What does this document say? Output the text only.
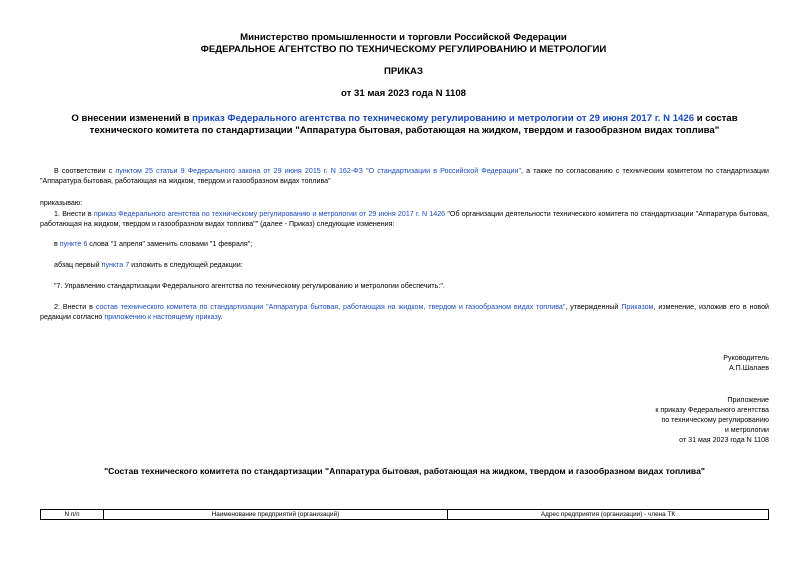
Министерство промышленности и торговли Российской Федерации
ФЕДЕРАЛЬНОЕ АГЕНТСТВО ПО ТЕХНИЧЕСКОМУ РЕГУЛИРОВАНИЮ И МЕТРОЛОГИИ
ПРИКАЗ
от 31 мая 2023 года N 1108
О внесении изменений в приказ Федерального агентства по техническому регулированию и метрологии от 29 июня 2017 г. N 1426 и состав технического комитета по стандартизации "Аппаратура бытовая, работающая на жидком, твердом и газообразном видах топлива"
В соответствии с пунктом 25 статьи 9 Федерального закона от 29 июня 2015 г. N 162-ФЗ "О стандартизации в Российской Федерации", а также по согласованию с техническим комитетом по стандартизации "Аппаратура бытовая, работающая на жидком, твердом и газообразном видах топлива"
приказываю:
1. Внести в приказ Федерального агентства по техническому регулированию и метрологии от 29 июня 2017 г. N 1426 "Об организации деятельности технического комитета по стандартизации "Аппаратура бытовая, работающая на жидком, твердом и газообразном видах топлива"" (далее - Приказ) следующие изменения:
в пункте 6 слова "1 апреля" заменить словами "1 февраля";
абзац первый пункта 7 изложить в следующей редакции:
"7. Управлению стандартизации Федерального агентства по техническому регулированию и метрологии обеспечить:".
2. Внести в состав технического комитета по стандартизации "Аппаратура бытовая, работающая на жидком, твердом и газообразном видах топлива", утвержденный Приказом, изменение, изложив его в новой редакции согласно приложению к настоящему приказу.
Руководитель
А.П.Шалаев
Приложение
к приказу Федерального агентства
по техническому регулированию
и метрологии
от 31 мая 2023 года N 1108
"Состав технического комитета по стандартизации "Аппаратура бытовая, работающая на жидком, твердом и газообразном видах топлива"
N п/п	Наименование предприятий (организаций)	Адрес предприятия (организации) - члена ТК
